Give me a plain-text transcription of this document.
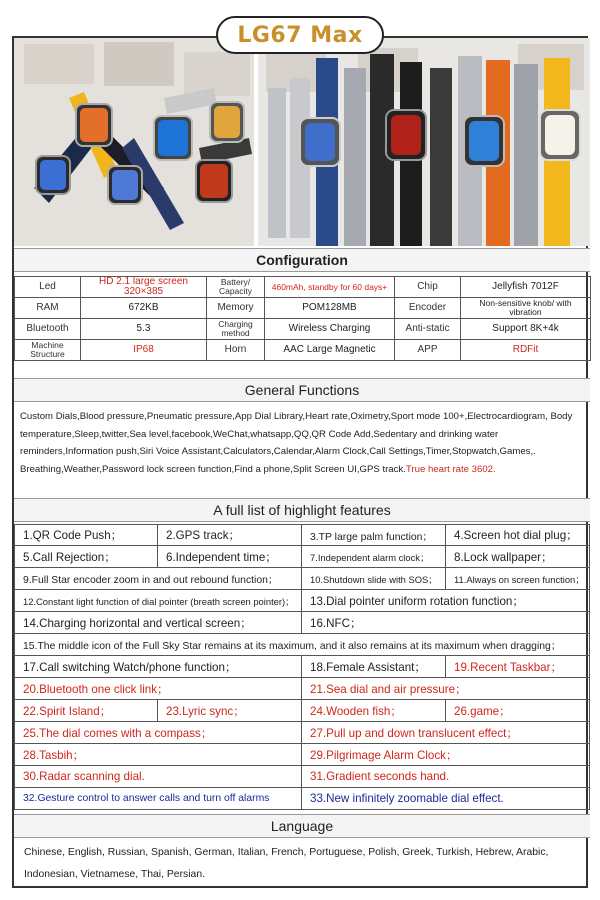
LG67 Max
Configuration
Led	HD 2.1 large screen 320×385	Battery/ Capacity	460mAh, standby for 60 days+	Chip	Jellyfish 7012F
RAM	672KB	Memory	POM128MB	Encoder	Non-sensitive knob/ with vibration
Bluetooth	5.3	Charging method	Wireless Charging	Anti-static	Support 8K+4k
Machine Structure	IP68	Horn	AAC Large Magnetic	APP	RDFit
General Functions
Custom Dials,Blood pressure,Pneumatic pressure,App Dial Library,Heart rate,Oximetry,Sport mode 100+,Electrocardiogram, Body temperature,Sleep,twitter,Sea level,facebook,WeChat,whatsapp,QQ,QR Code Add,Sedentary and drinking water reminders,Information push,Siri Voice Assistant,Calculators,Calendar,Alarm Clock,Call Settings,Timer,Stopwatch,Games,. Breathing,Weather,Password lock screen function,Find a phone,Split Screen UI,GPS track.True heart rate 3602.
A full list of highlight features
1.QR Code Push；	2.GPS track；	3.TP large palm function；	4.Screen hot dial plug；
5.Call Rejection；	6.Independent time；	7.Independent alarm clock；	8.Lock wallpaper；
9.Full Star encoder zoom in and out rebound function；	10.Shutdown slide with SOS；	11.Always on screen function；
12.Constant light function of dial pointer (breath screen pointer)；	13.Dial pointer uniform rotation function；
14.Charging horizontal and vertical screen；	16.NFC；
15.The middle icon of the Full Sky Star remains at its maximum, and it also remains at its maximum when dragging；
17.Call switching Watch/phone function；	18.Female Assistant；	19.Recent Taskbar；
20.Bluetooth one click link；	21.Sea dial and air pressure；
22.Spirit Island；	23.Lyric sync；	24.Wooden fish；	26.game；
25.The dial comes with a compass；	27.Pull up and down translucent effect；
28.Tasbih；	29.Pilgrimage Alarm Clock；
30.Radar scanning dial.	31.Gradient seconds hand.
32.Gesture control to answer calls and turn off alarms	33.New infinitely zoomable dial effect.
Language
Chinese, English, Russian, Spanish, German, Italian, French, Portuguese, Polish, Greek, Turkish, Hebrew, Arabic, Indonesian, Vietnamese, Thai, Persian.
